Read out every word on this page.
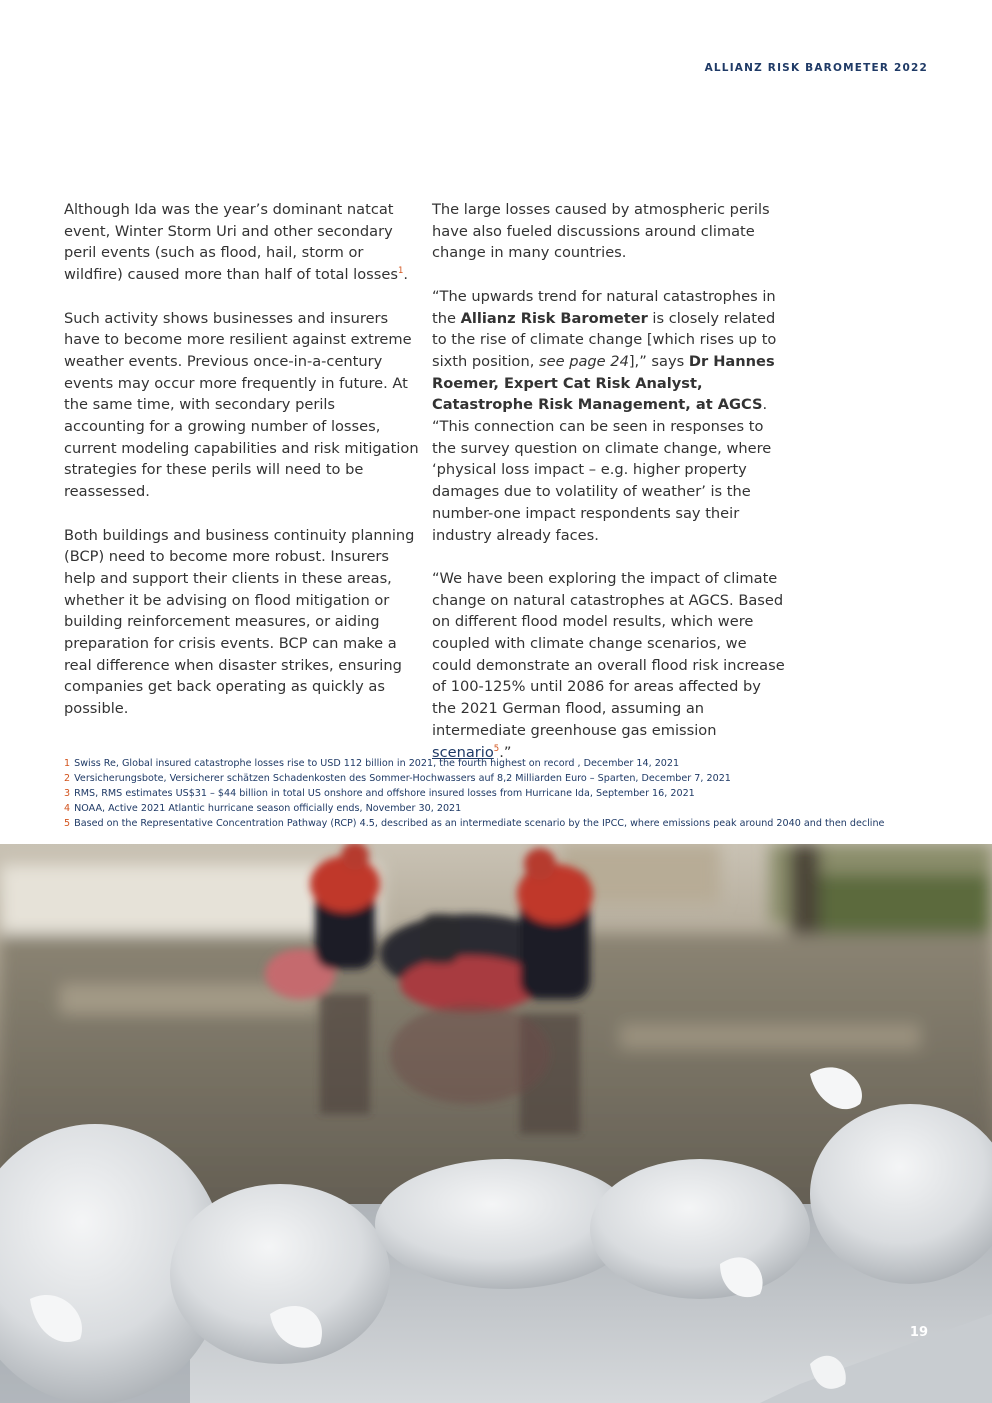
ALLIANZ RISK BAROMETER 2022

Although Ida was the year’s dominant natcat event, Winter Storm Uri and other secondary peril events (such as flood, hail, storm or wildfire) caused more than half of total losses$^1$.

Such activity shows businesses and insurers have to become more resilient against extreme weather events. Previous once-in-a-century events may occur more frequently in future. At the same time, with secondary perils accounting for a growing number of losses, current modeling capabilities and risk mitigation strategies for these perils will need to be reassessed.

Both buildings and business continuity planning (BCP) need to become more robust. Insurers help and support their clients in these areas, whether it be advising on flood mitigation or building reinforcement measures, or aiding preparation for crisis events. BCP can make a real difference when disaster strikes, ensuring companies get back operating as quickly as possible.

The large losses caused by atmospheric perils have also fueled discussions around climate change in many countries.

“The upwards trend for natural catastrophes in the Allianz Risk Barometer is closely related to the rise of climate change [which rises up to sixth position, see page 24],” says Dr Hannes Roemer, Expert Cat Risk Analyst, Catastrophe Risk Management, at AGCS. “This connection can be seen in responses to the survey question on climate change, where ‘physical loss impact – e.g. higher property damages due to volatility of weather’ is the number-one impact respondents say their industry already faces.

“We have been exploring the impact of climate change on natural catastrophes at AGCS. Based on different flood model results, which were coupled with climate change scenarios, we could demonstrate an overall flood risk increase of 100-125% until 2086 for areas affected by the 2021 German flood, assuming an intermediate greenhouse gas emission scenario$^5$.”

1 Swiss Re, Global insured catastrophe losses rise to USD 112 billion in 2021, the fourth highest on record , December 14, 2021
2 Versicherungsbote, Versicherer schätzen Schadenkosten des Sommer-Hochwassers auf 8,2 Milliarden Euro – Sparten, December 7, 2021
3 RMS, RMS estimates US$31 – $44 billion in total US onshore and offshore insured losses from Hurricane Ida, September 16, 2021
4 NOAA, Active 2021 Atlantic hurricane season officially ends, November 30, 2021
5 Based on the Representative Concentration Pathway (RCP) 4.5, described as an intermediate scenario by the IPCC, where emissions peak around 2040 and then decline
19
